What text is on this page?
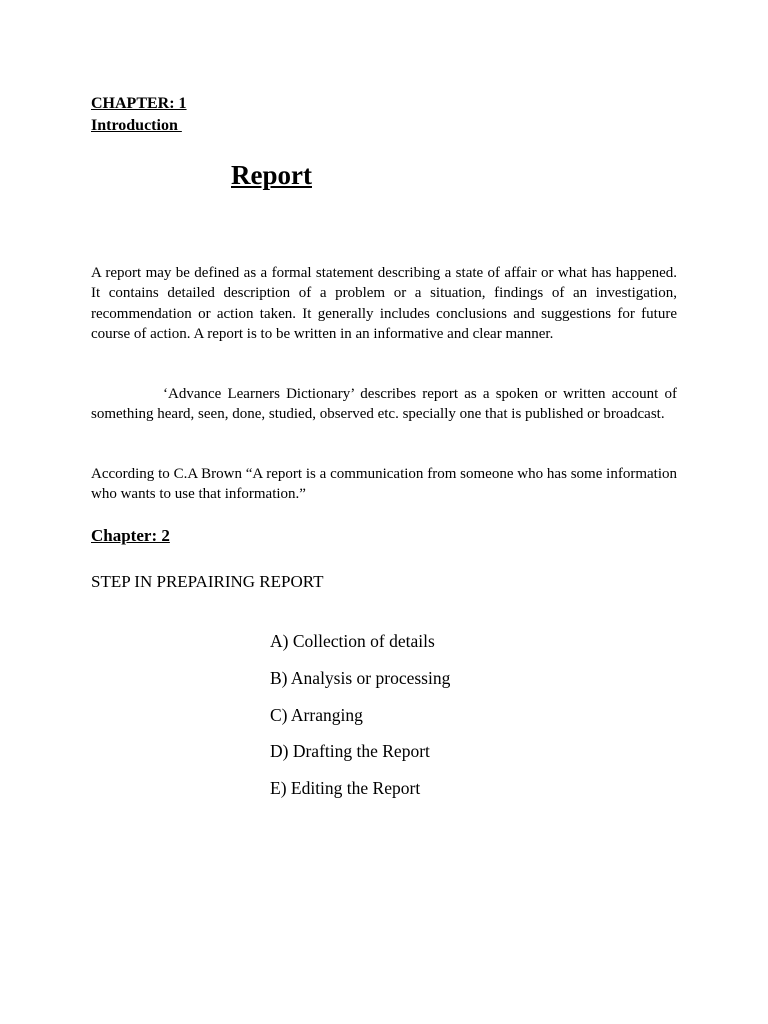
CHAPTER: 1
Introduction
Report

A report may be defined as a formal statement describing a state of affair or what has happened. It contains detailed description of a problem or a situation, findings of an investigation, recommendation or action taken. It generally includes conclusions and suggestions for future course of action. A report is to be written in an informative and clear manner.

‘Advance Learners Dictionary’ describes report as a spoken or written account of something heard, seen, done, studied, observed etc. specially one that is published or broadcast.

According to C.A Brown “A report is a communication from someone who has some information who wants to use that information.”

Chapter: 2
STEP IN PREPAIRING REPORT
A) Collection of details
B) Analysis or processing
C) Arranging
D) Drafting the Report
E) Editing the Report
